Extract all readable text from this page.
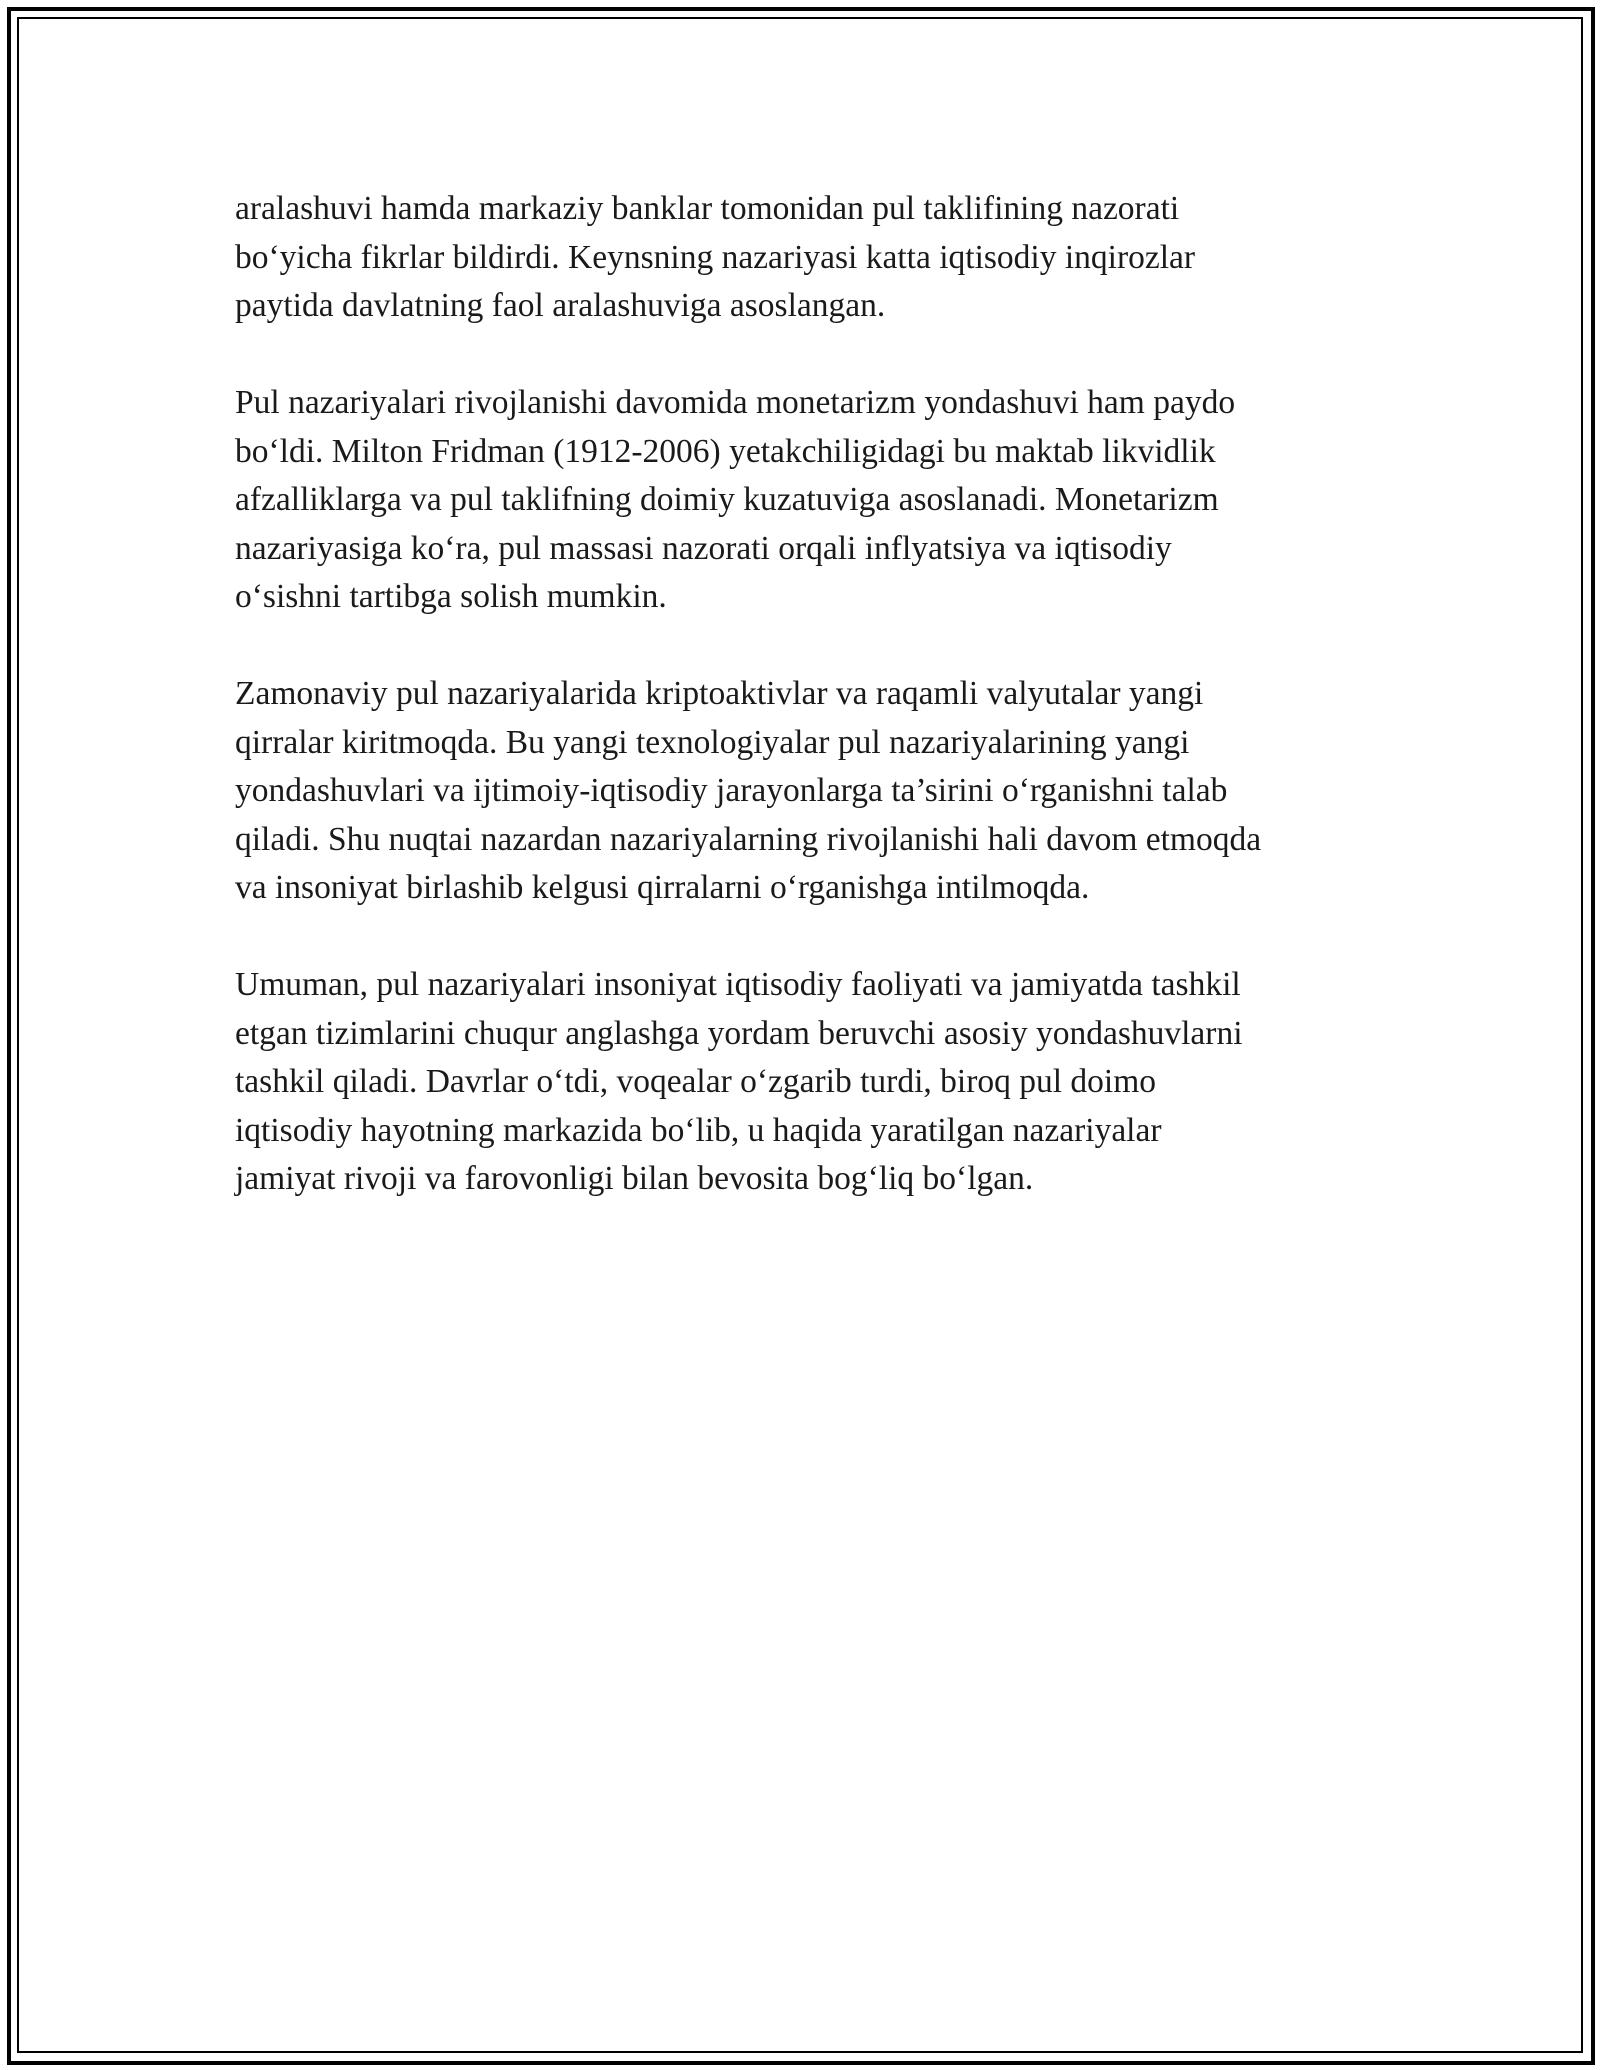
aralashuvi hamda markaziy banklar tomonidan pul taklifining nazorati
bo‘yicha fikrlar bildirdi. Keynsning nazariyasi katta iqtisodiy inqirozlar
paytida davlatning faol aralashuviga asoslangan.

Pul nazariyalari rivojlanishi davomida monetarizm yondashuvi ham paydo
bo‘ldi. Milton Fridman (1912-2006) yetakchiligidagi bu maktab likvidlik
afzalliklarga va pul taklifning doimiy kuzatuviga asoslanadi. Monetarizm
nazariyasiga ko‘ra, pul massasi nazorati orqali inflyatsiya va iqtisodiy
o‘sishni tartibga solish mumkin.

Zamonaviy pul nazariyalarida kriptoaktivlar va raqamli valyutalar yangi
qirralar kiritmoqda. Bu yangi texnologiyalar pul nazariyalarining yangi
yondashuvlari va ijtimoiy-iqtisodiy jarayonlarga ta’sirini o‘rganishni talab
qiladi. Shu nuqtai nazardan nazariyalarning rivojlanishi hali davom etmoqda
va insoniyat birlashib kelgusi qirralarni o‘rganishga intilmoqda.

Umuman, pul nazariyalari insoniyat iqtisodiy faoliyati va jamiyatda tashkil
etgan tizimlarini chuqur anglashga yordam beruvchi asosiy yondashuvlarni
tashkil qiladi. Davrlar o‘tdi, voqealar o‘zgarib turdi, biroq pul doimo
iqtisodiy hayotning markazida bo‘lib, u haqida yaratilgan nazariyalar
jamiyat rivoji va farovonligi bilan bevosita bog‘liq bo‘lgan.
